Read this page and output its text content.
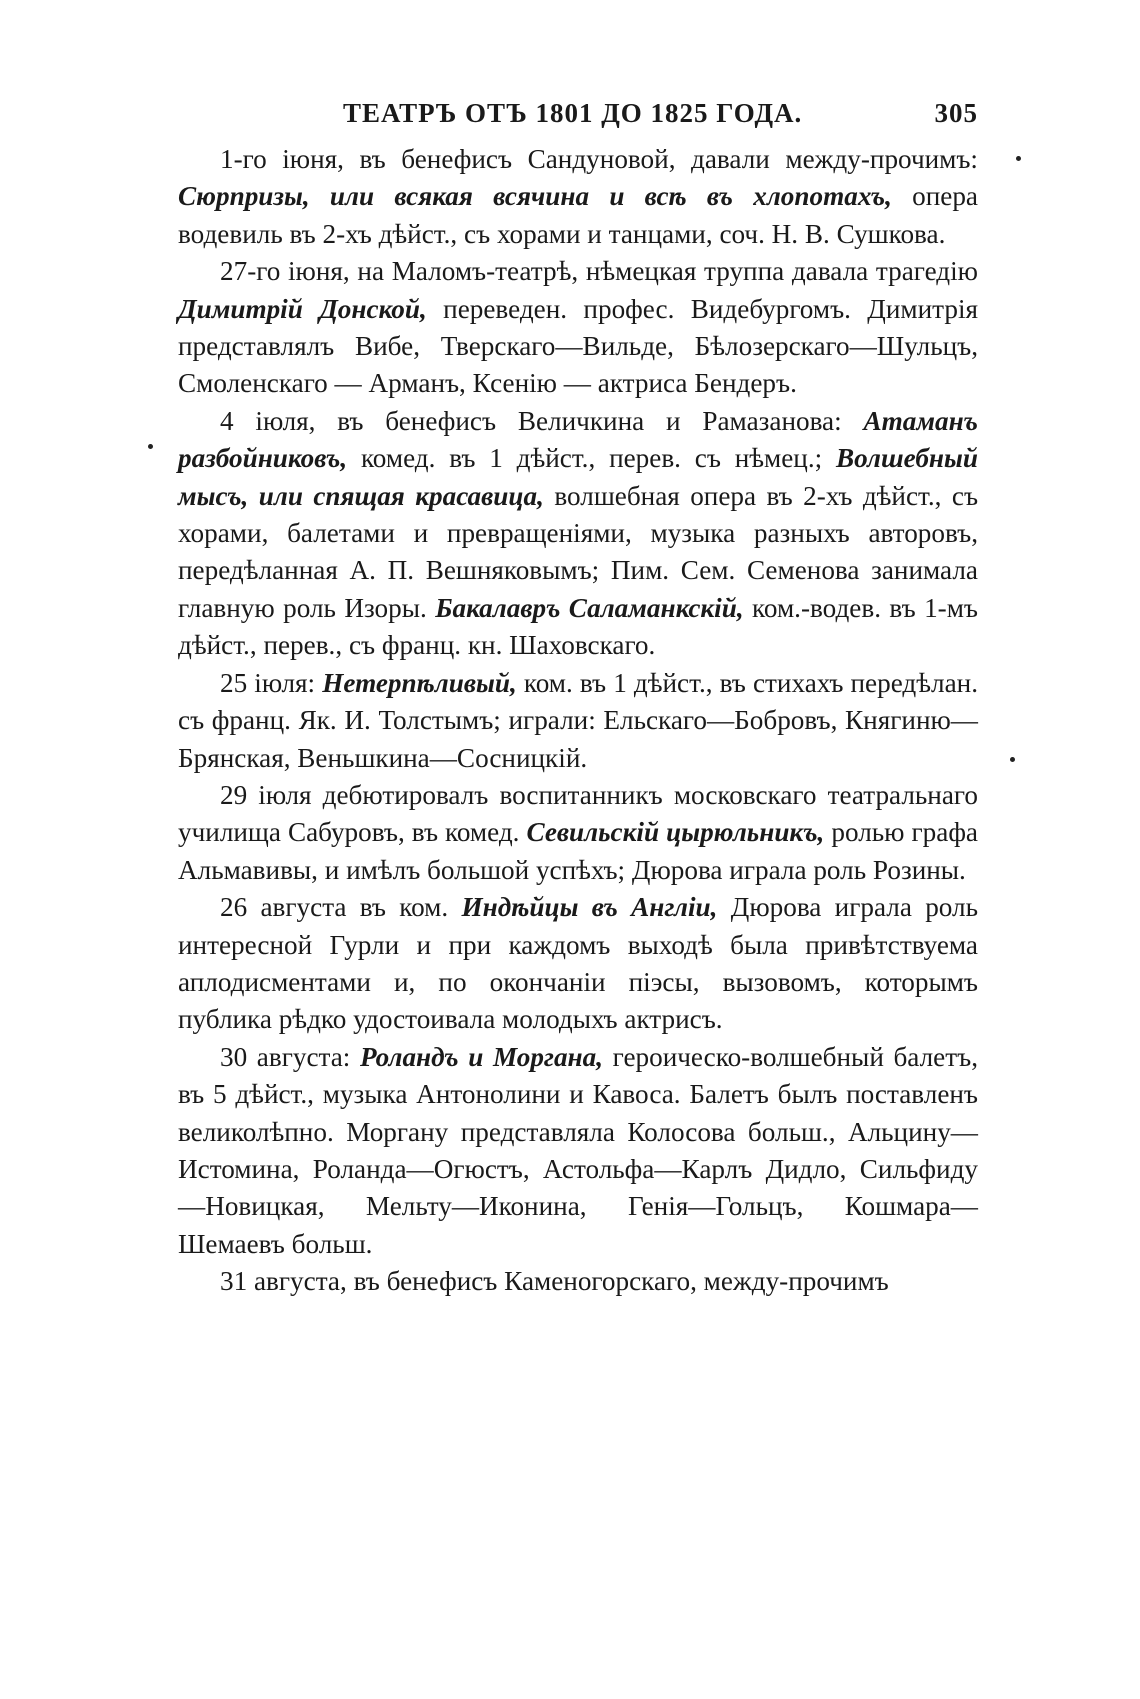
ТЕАТРЪ ОТЪ 1801 ДО 1825 ГОДА.	305

1-го іюня, въ бенефисъ Сандуновой, давали между-прочимъ: Сюрпризы, или всякая всячина и всѣ въ хлопотахъ, опера водевиль въ 2-хъ дѣйст., съ хорами и танцами, соч. Н. В. Сушкова.

27-го іюня, на Маломъ-театрѣ, нѣмецкая труппа давала трагедію Димитрій Донской, переведен. профес. Видебургомъ. Димитрія представлялъ Вибе, Тверскаго—Вильде, Бѣлозерскаго—Шульцъ, Смоленскаго — Арманъ, Ксенію — актриса Бендеръ.

4 іюля, въ бенефисъ Величкина и Рамазанова: Атаманъ разбойниковъ, комед. въ 1 дѣйст., перев. съ нѣмец.; Волшебный мысъ, или спящая красавица, волшебная опера въ 2-хъ дѣйст., съ хорами, балетами и превращеніями, музыка разныхъ авторовъ, передѣланная А. П. Вешняковымъ; Пим. Сем. Семенова занимала главную роль Изоры. Бакалавръ Саламанкскій, ком.-водев. въ 1-мъ дѣйст., перев., съ франц. кн. Шаховскаго.

25 іюля: Нетерпѣливый, ком. въ 1 дѣйст., въ стихахъ передѣлан. съ франц. Як. И. Толстымъ; играли: Ельскаго—Бобровъ, Княгиню—Брянская, Веньшкина—Сосницкій.

29 іюля дебютировалъ воспитанникъ московскаго театральнаго училища Сабуровъ, въ комед. Севильскій цырюльникъ, ролью графа Альмавивы, и имѣлъ большой успѣхъ; Дюрова играла роль Розины.

26 августа въ ком. Индѣйцы въ Англіи, Дюрова играла роль интересной Гурли и при каждомъ выходѣ была привѣтствуема аплодисментами и, по окончаніи піэсы, вызовомъ, которымъ публика рѣдко удостоивала молодыхъ актрисъ.

30 августа: Роландъ и Моргана, героическо-волшебный балетъ, въ 5 дѣйст., музыка Антонолини и Кавоса. Балетъ былъ поставленъ великолѣпно. Моргану представляла Колосова больш., Альцину—Истомина, Роланда—Огюстъ, Астольфа—Карлъ Дидло, Сильфиду—Новицкая, Мельту—Иконина, Генія—Гольцъ, Кошмара—Шемаевъ больш.

31 августа, въ бенефисъ Каменогорскаго, между-прочимъ
